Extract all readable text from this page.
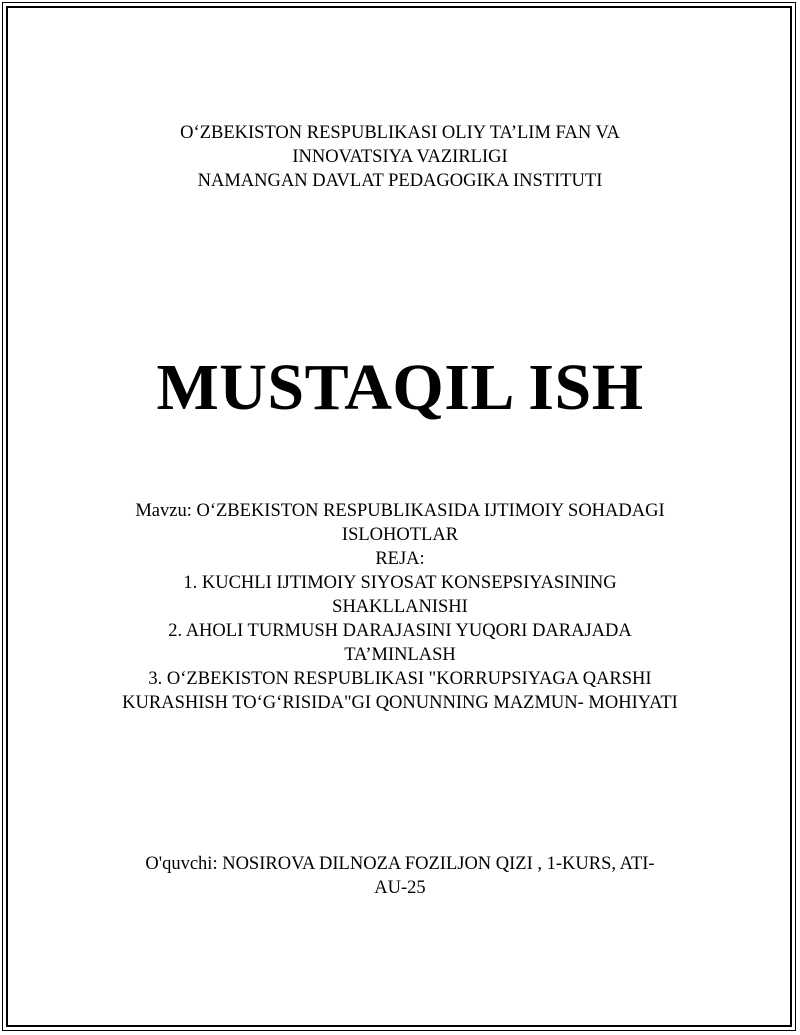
O‘ZBEKISTON RESPUBLIKASI OLIY TA’LIM FAN VA
INNOVATSIYA VAZIRLIGI
NAMANGAN DAVLAT PEDAGOGIKA INSTITUTI
MUSTAQIL ISH
Mavzu: O‘ZBEKISTON RESPUBLIKASIDA IJTIMOIY SOHADAGI
ISLOHOTLAR
REJA:
1. KUCHLI IJTIMOIY SIYOSAT KONSEPSIYASINING
SHAKLLANISHI
2. AHOLI TURMUSH DARAJASINI YUQORI DARAJADA
TA’MINLASH
3. O‘ZBEKISTON RESPUBLIKASI "KORRUPSIYAGA QARSHI
KURASHISH TO‘G‘RISIDA"GI QONUNNING MAZMUN- MOHIYATI
O'quvchi: NOSIROVA DILNOZA FOZILJON QIZI , 1-KURS, ATI-
AU-25
